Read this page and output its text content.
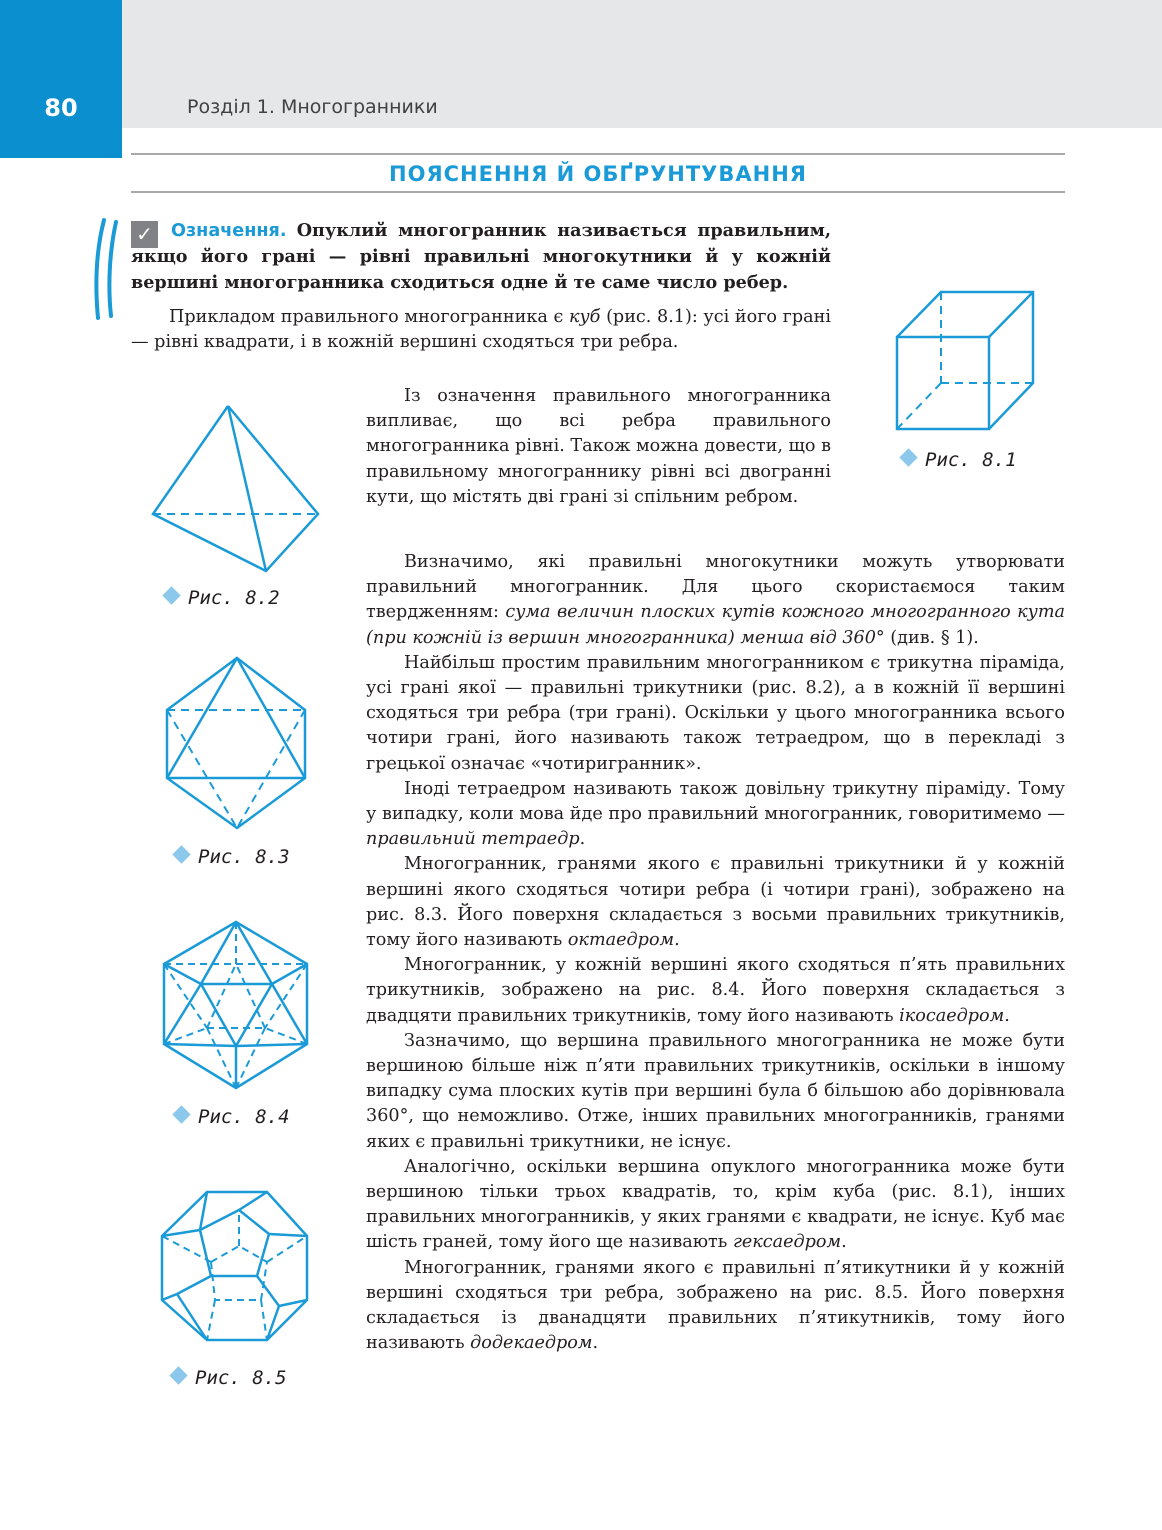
80	Розділ 1. Многогранники
ПОЯСНЕННЯ Й ОБҐРУНТУВАННЯ
✓	Означення. Опуклий многогранник називається правильним, якщо його грані — рівні правильні многокутники й у кожній вершині многогранника сходиться одне й те саме число ребер.

Прикладом правильного многогранника є куб (рис. 8.1): усі його грані — рівні квадрати, і в кожній вершині сходяться три ребра.

Із означення правильного многогранника випливає, що всі ребра правильного многогранника рівні. Також можна довести, що в правильному многограннику рівні всі двогранні кути, що містять дві грані зі спільним ребром.

Визначимо, які правильні многокутники можуть утворювати правильний многогранник. Для цього скористаємося таким твердженням: сума величин плоских кутів кожного многогранного кута (при кожній із вершин многогранника) менша від 360° (див. § 1).

Найбільш простим правильним многогранником є трикутна піраміда, усі грані якої — правильні трикутники (рис. 8.2), а в кожній її вершині сходяться три ребра (три грані). Оскільки у цього многогранника всього чотири грані, його називають також тетраедром, що в перекладі з грецької означає «чотиригранник».

Іноді тетраедром називають також довільну трикутну піраміду. Тому у випадку, коли мова йде про правильний многогранник, говоритимемо — правильний тетраедр.

Многогранник, гранями якого є правильні трикутники й у кожній вершині якого сходяться чотири ребра (і чотири грані), зображено на рис. 8.3. Його поверхня складається з восьми правильних трикутників, тому його називають октаедром.

Многогранник, у кожній вершині якого сходяться п’ять правильних трикутників, зображено на рис. 8.4. Його поверхня складається з двадцяти правильних трикутників, тому його називають ікосаедром.

Зазначимо, що вершина правильного многогранника не може бути вершиною більше ніж п’яти правильних трикутників, оскільки в іншому випадку сума плоских кутів при вершині була б більшою або дорівнювала 360°, що неможливо. Отже, інших правильних многогранників, гранями яких є правильні трикутники, не існує.

Аналогічно, оскільки вершина опуклого многогранника може бути вершиною тільки трьох квадратів, то, крім куба (рис. 8.1), інших правильних многогранників, у яких гранями є квадрати, не існує. Куб має шість граней, тому його ще називають гексаедром.

Многогранник, гранями якого є правильні п’ятикутники й у кожній вершині сходяться три ребра, зображено на рис. 8.5. Його поверхня складається із дванадцяти правильних п’ятикутників, тому його називають додекаедром.

Рис. 8.1
Рис. 8.2
Рис. 8.3
Рис. 8.4
Рис. 8.5
